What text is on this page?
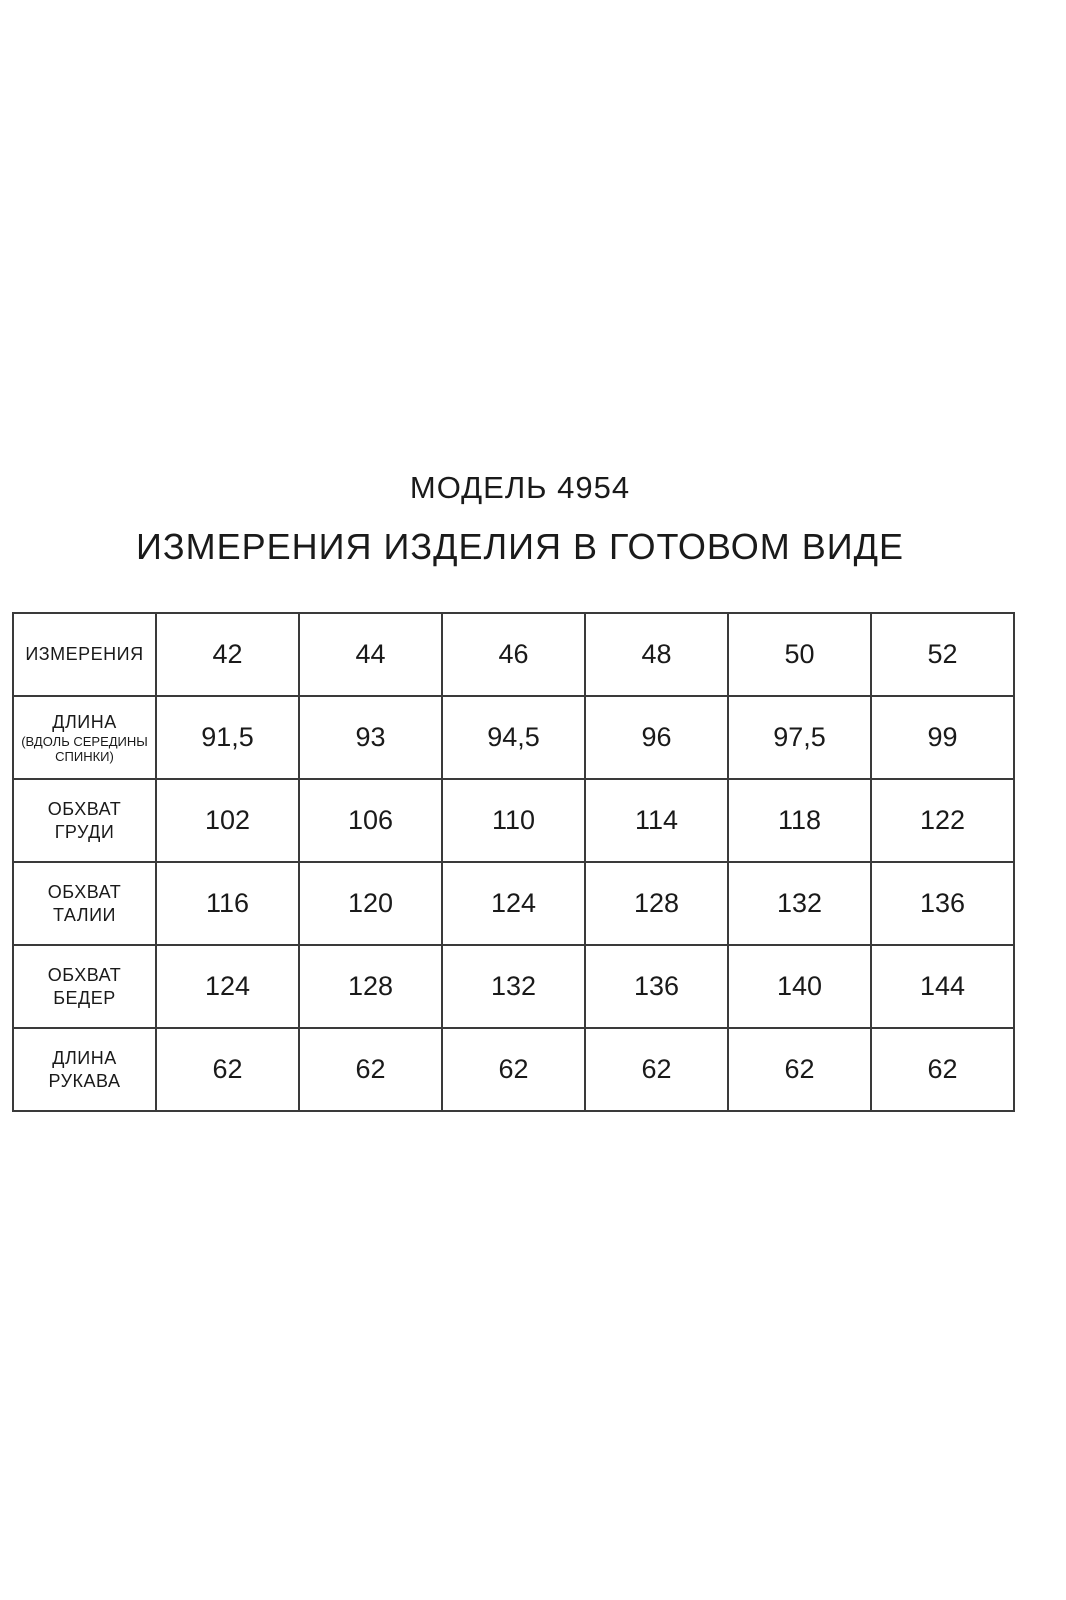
МОДЕЛЬ 4954
ИЗМЕРЕНИЯ ИЗДЕЛИЯ В ГОТОВОМ ВИДЕ
ИЗМЕРЕНИЯ	42	44	46	48	50	52
ДЛИНА
(ВДОЛЬ СЕРЕДИНЫ
СПИНКИ)	91,5	93	94,5	96	97,5	99
ОБХВАТ
ГРУДИ	102	106	110	114	118	122
ОБХВАТ
ТАЛИИ	116	120	124	128	132	136
ОБХВАТ
БЕДЕР	124	128	132	136	140	144
ДЛИНА
РУКАВА	62	62	62	62	62	62
